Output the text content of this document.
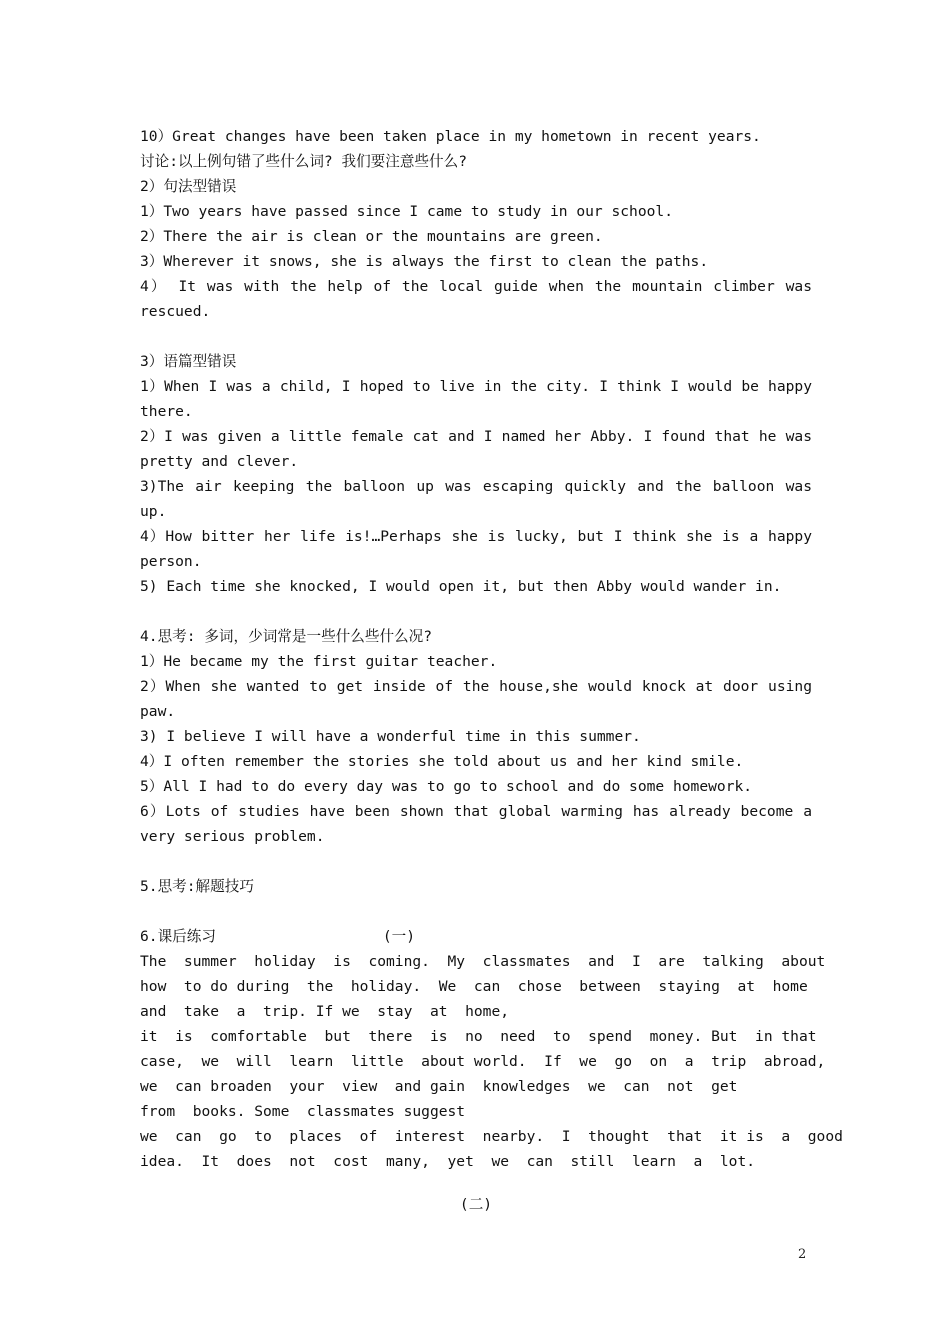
10）Great changes have been taken place in my hometown in recent years.
讨论:以上例句错了些什么词? 我们要注意些什么?
2）句法型错误
1）Two years have passed since I came to study in our school.
2）There the air is clean or the mountains are green.
3）Wherever it snows, she is always the first to clean the paths.
4） It was with the help of the local guide when the mountain climber was
rescued.
3）语篇型错误
1）When I was a child, I hoped to live in the city. I think I would be happy
there.
2）I was given a little female cat and I named her Abby. I found that he was
pretty and clever.
3)The air keeping the balloon up was escaping quickly and the balloon was
up.
4）How bitter her life is!…Perhaps she is lucky, but I think she is a happy
person.
5) Each time she knocked, I would open it, but then Abby would wander in.
4.思考: 多词，少词常是一些什么些什么况?
1）He became my the first guitar teacher.
2）When she wanted to get inside of the house,she would knock at door using
paw.
3) I believe I will have a wonderful time in this summer.
4）I often remember the stories she told about us and her kind smile.
5）All I had to do every day was to go to school and do some homework.
6）Lots of studies have been shown that global warming has already become a
very serious problem.
5.思考:解题技巧
6.课后练习                   (一)
The  summer  holiday  is  coming.  My  classmates  and  I  are  talking  about
how  to do during  the  holiday.  We  can  chose  between  staying  at  home
and  take  a  trip. If we  stay  at  home,
it  is  comfortable  but  there  is  no  need  to  spend  money. But  in that
case,  we  will  learn  little  about world.  If  we  go  on  a  trip  abroad,
we  can broaden  your  view  and gain  knowledges  we  can  not  get
from  books. Some  classmates suggest
we  can  go  to  places  of  interest  nearby.  I  thought  that  it is  a  good
idea.  It  does  not  cost  many,  yet  we  can  still  learn  a  lot.
(二)
2
